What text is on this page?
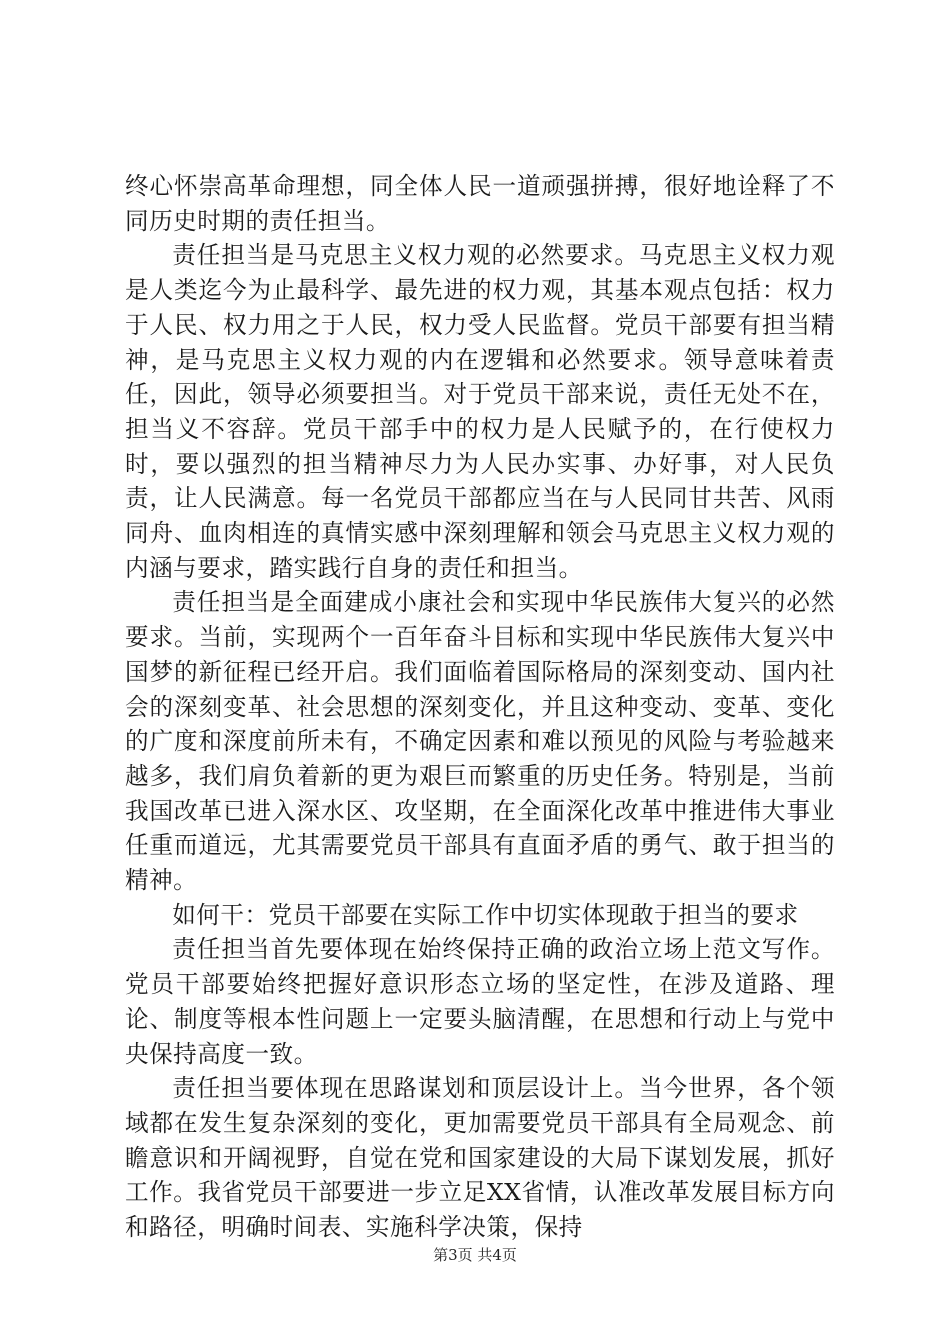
终心怀崇高革命理想，同全体人民一道顽强拼搏，很好地诠释了不同历史时期的责任担当。

责任担当是马克思主义权力观的必然要求。马克思主义权力观是人类迄今为止最科学、最先进的权力观，其基本观点包括：权力于人民、权力用之于人民，权力受人民监督。党员干部要有担当精神，是马克思主义权力观的内在逻辑和必然要求。领导意味着责任，因此，领导必须要担当。对于党员干部来说，责任无处不在，担当义不容辞。党员干部手中的权力是人民赋予的，在行使权力时，要以强烈的担当精神尽力为人民办实事、办好事，对人民负责，让人民满意。每一名党员干部都应当在与人民同甘共苦、风雨同舟、血肉相连的真情实感中深刻理解和领会马克思主义权力观的内涵与要求，踏实践行自身的责任和担当。

责任担当是全面建成小康社会和实现中华民族伟大复兴的必然要求。当前，实现两个一百年奋斗目标和实现中华民族伟大复兴中国梦的新征程已经开启。我们面临着国际格局的深刻变动、国内社会的深刻变革、社会思想的深刻变化，并且这种变动、变革、变化的广度和深度前所未有，不确定因素和难以预见的风险与考验越来越多，我们肩负着新的更为艰巨而繁重的历史任务。特别是，当前我国改革已进入深水区、攻坚期，在全面深化改革中推进伟大事业任重而道远，尤其需要党员干部具有直面矛盾的勇气、敢于担当的精神。

如何干：党员干部要在实际工作中切实体现敢于担当的要求

责任担当首先要体现在始终保持正确的政治立场上范文写作。党员干部要始终把握好意识形态立场的坚定性，在涉及道路、理论、制度等根本性问题上一定要头脑清醒，在思想和行动上与党中央保持高度一致。

责任担当要体现在思路谋划和顶层设计上。当今世界，各个领域都在发生复杂深刻的变化，更加需要党员干部具有全局观念、前瞻意识和开阔视野，自觉在党和国家建设的大局下谋划发展，抓好工作。我省党员干部要进一步立足XX省情，认准改革发展目标方向和路径，明确时间表、实施科学决策，保持

第3页 共4页
